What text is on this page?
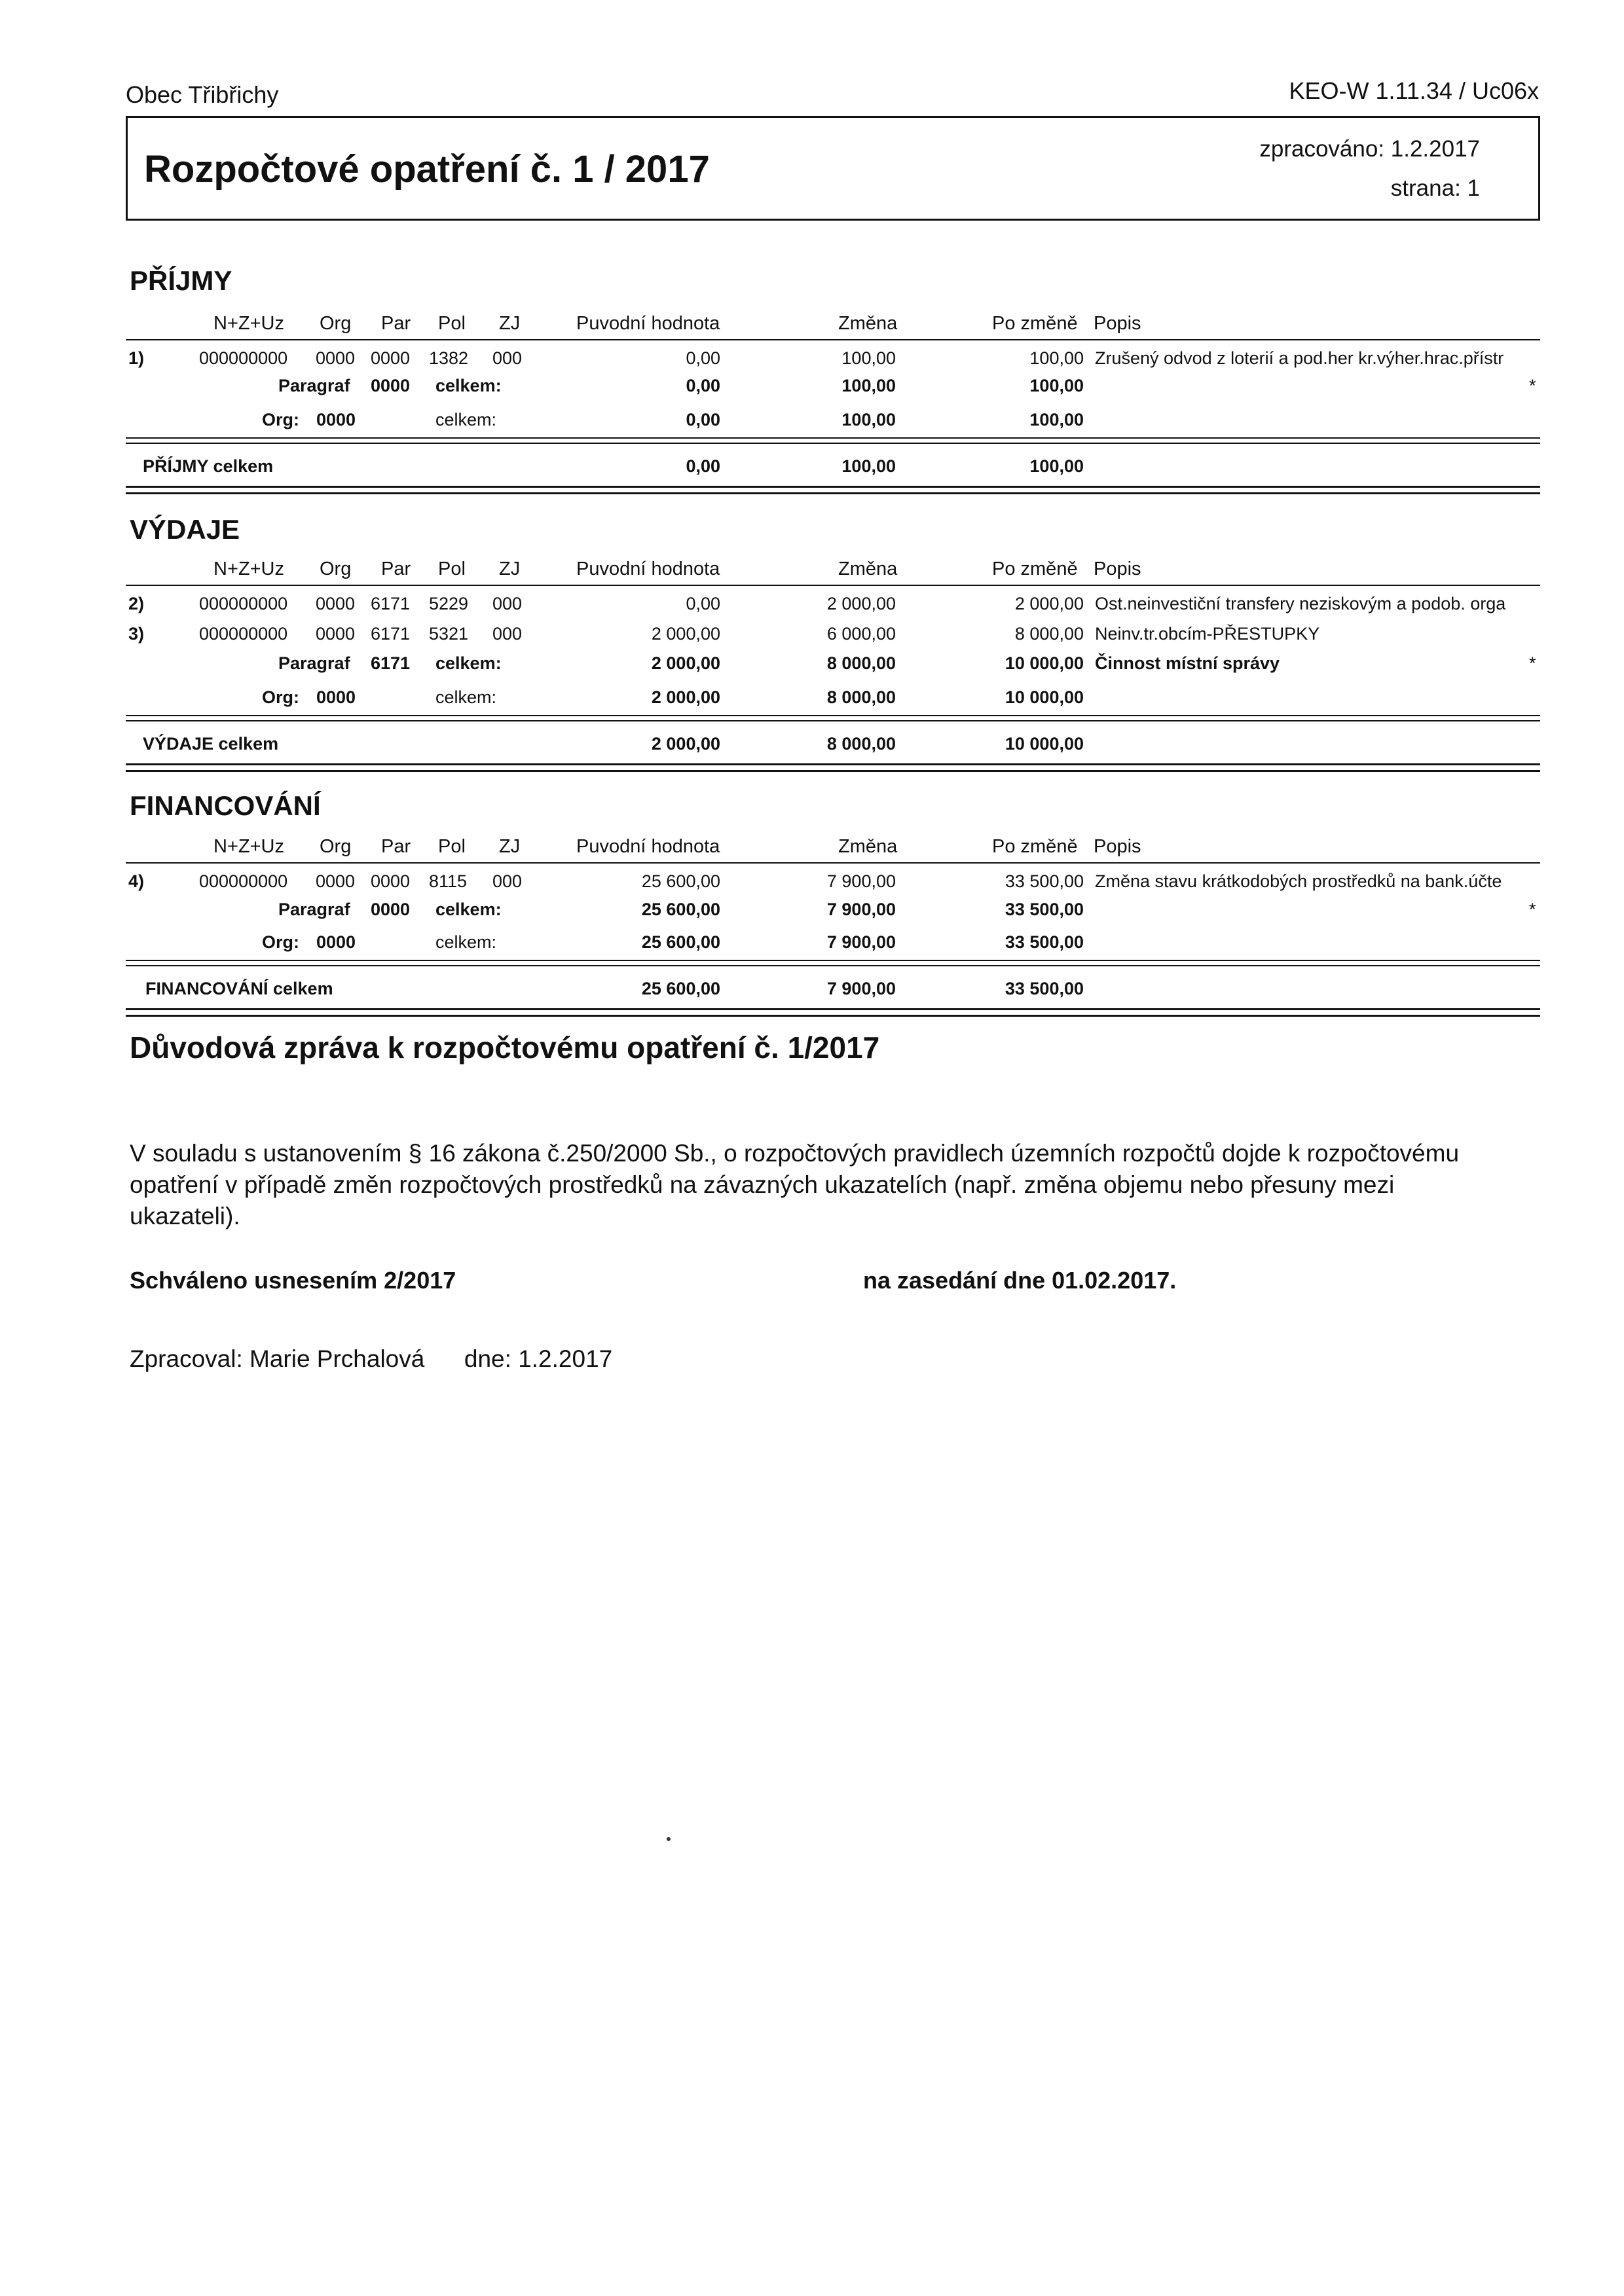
Obec Třibřichy	KEO-W 1.11.34 / Uc06x
Rozpočtové opatření č. 1 / 2017	zpracováno: 1.2.2017
strana: 1
PŘÍJMY
N+Z+Uz Org Par Pol ZJ	Puvodní hodnota	Změna	Po změně Popis
1)	000000000 0000 0000 1382 000	0,00	100,00	100,00 Zrušený odvod z loterií a pod.her kr.výher.hrac.přístr
Paragraf 0000 celkem:	0,00	100,00	100,00	*
Org: 0000	celkem:	0,00	100,00	100,00
PŘÍJMY celkem	0,00	100,00	100,00
VÝDAJE
N+Z+Uz Org Par Pol ZJ	Puvodní hodnota	Změna	Po změně Popis
2)	000000000 0000 6171 5229 000	0,00	2 000,00	2 000,00 Ost.neinvestiční transfery neziskovým a podob. orga
3)	000000000 0000 6171 5321 000	2 000,00	6 000,00	8 000,00 Neinv.tr.obcím-PŘESTUPKY
Paragraf 6171 celkem:	2 000,00	8 000,00	10 000,00 Činnost místní správy	*
Org: 0000	celkem:	2 000,00	8 000,00	10 000,00
VÝDAJE celkem	2 000,00	8 000,00	10 000,00
FINANCOVÁNÍ
N+Z+Uz Org Par Pol ZJ	Puvodní hodnota	Změna	Po změně Popis
4)	000000000 0000 0000 8115 000	25 600,00	7 900,00	33 500,00 Změna stavu krátkodobých prostředků na bank.účte
Paragraf 0000 celkem:	25 600,00	7 900,00	33 500,00	*
Org: 0000	celkem:	25 600,00	7 900,00	33 500,00
FINANCOVÁNÍ celkem	25 600,00	7 900,00	33 500,00
Důvodová zpráva k rozpočtovému opatření č. 1/2017
V souladu s ustanovením § 16 zákona č.250/2000 Sb., o rozpočtových pravidlech územních rozpočtů dojde k rozpočtovému
opatření v případě změn rozpočtových prostředků na závazných ukazatelích (např. změna objemu nebo přesuny mezi
ukazateli).
Schváleno usnesením 2/2017	na zasedání dne 01.02.2017.
Zpracoval: Marie Prchalová dne: 1.2.2017
